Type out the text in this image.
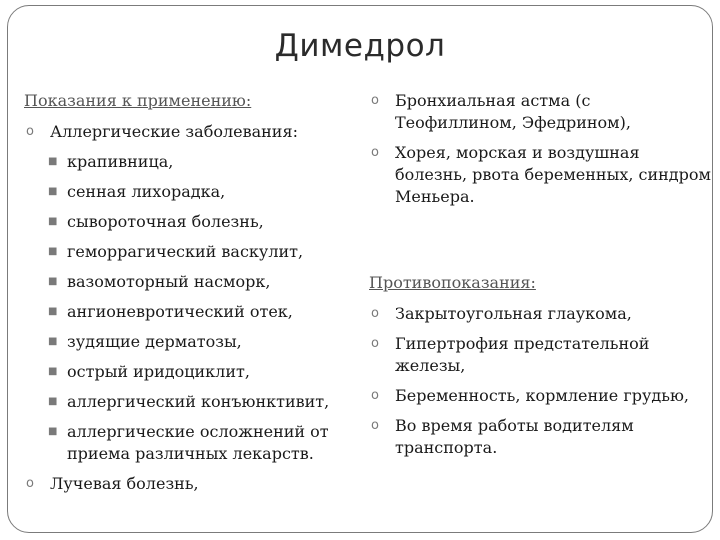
Димедрол
Показания к применению:
o Аллергические заболевания:
■ крапивница,
■ сенная лихорадка,
■ сывороточная болезнь,
■ геморрагический васкулит,
■ вазомоторный насморк,
■ ангионевротический отек,
■ зудящие дерматозы,
■ острый иридоциклит,
■ аллергический конъюнктивит,
■ аллергические осложнений от приема различных лекарств.
o Лучевая болезнь,
o Бронхиальная астма (с Теофиллином, Эфедрином),
o Хорея, морская и воздушная болезнь, рвота беременных, синдром Меньера.
Противопоказания:
o Закрытоугольная глаукома,
o Гипертрофия предстательной железы,
o Беременность, кормление грудью,
o Во время работы водителям транспорта.
